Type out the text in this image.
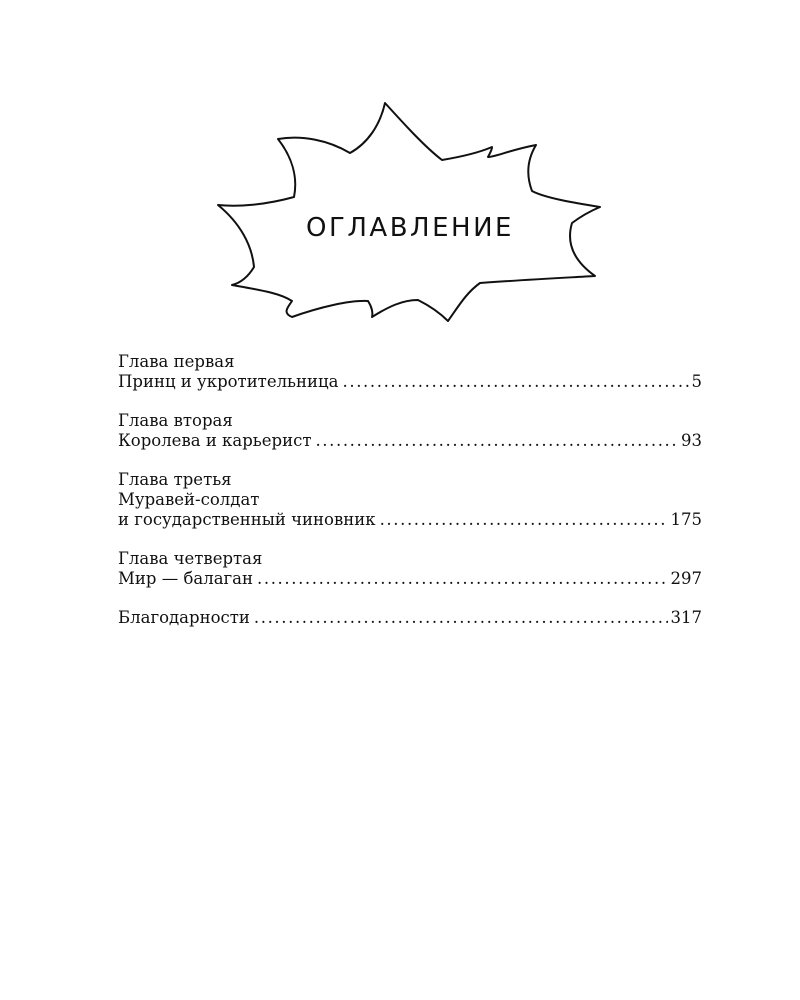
ОГЛАВЛЕНИЕ
Глава первая
Принц и укротительница .....	5
Глава вторая
Королева и карьерист .....	93
Глава третья
Муравей-солдат
и государственный чиновник .....	175
Глава четвертая
Мир — балаган .....	297
Благодарности .....	317
